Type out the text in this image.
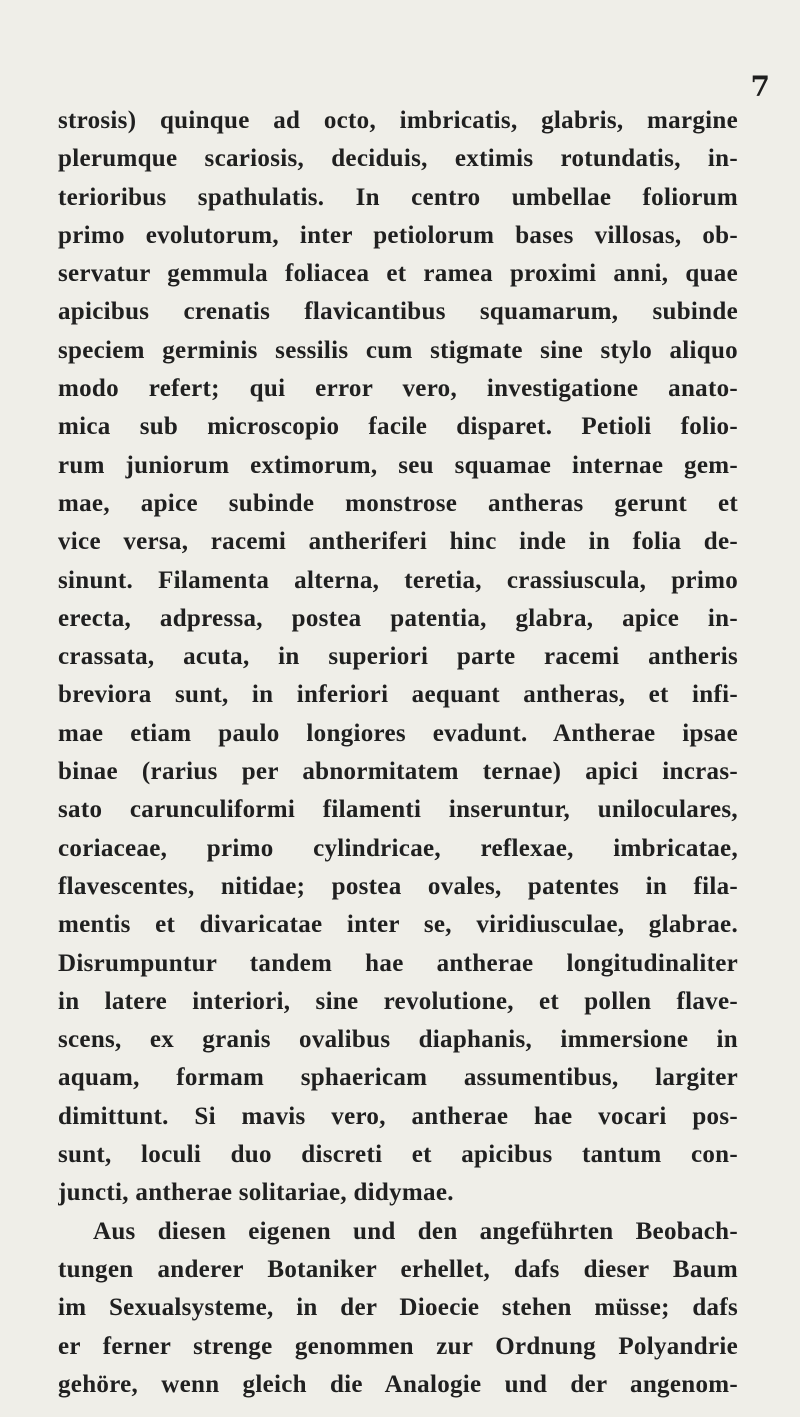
7
strosis) quinque ad octo, imbricatis, glabris, margine
plerumque scariosis, deciduis, extimis rotundatis, in-
terioribus spathulatis. In centro umbellae foliorum
primo evolutorum, inter petiolorum bases villosas, ob-
servatur gemmula foliacea et ramea proximi anni, quae
apicibus crenatis flavicantibus squamarum, subinde
speciem germinis sessilis cum stigmate sine stylo aliquo
modo refert; qui error vero, investigatione anato-
mica sub microscopio facile disparet. Petioli folio-
rum juniorum extimorum, seu squamae internae gem-
mae, apice subinde monstrose antheras gerunt et
vice versa, racemi antheriferi hinc inde in folia de-
sinunt. Filamenta alterna, teretia, crassiuscula, primo
erecta, adpressa, postea patentia, glabra, apice in-
crassata, acuta, in superiori parte racemi antheris
breviora sunt, in inferiori aequant antheras, et infi-
mae etiam paulo longiores evadunt. Antherae ipsae
binae (rarius per abnormitatem ternae) apici incras-
sato carunculiformi filamenti inseruntur, uniloculares,
coriaceae, primo cylindricae, reflexae, imbricatae,
flavescentes, nitidae; postea ovales, patentes in fila-
mentis et divaricatae inter se, viridiusculae, glabrae.
Disrumpuntur tandem hae antherae longitudinaliter
in latere interiori, sine revolutione, et pollen flave-
scens, ex granis ovalibus diaphanis, immersione in
aquam, formam sphaericam assumentibus, largiter
dimittunt. Si mavis vero, antherae hae vocari pos-
sunt, loculi duo discreti et apicibus tantum con-
juncti, antherae solitariae, didymae.
Aus diesen eigenen und den angeführten Beobach-
tungen anderer Botaniker erhellet, dafs dieser Baum
im Sexualsysteme, in der Dioecie stehen müsse; dafs
er ferner strenge genommen zur Ordnung Polyandrie
gehöre, wenn gleich die Analogie und der angenom-
